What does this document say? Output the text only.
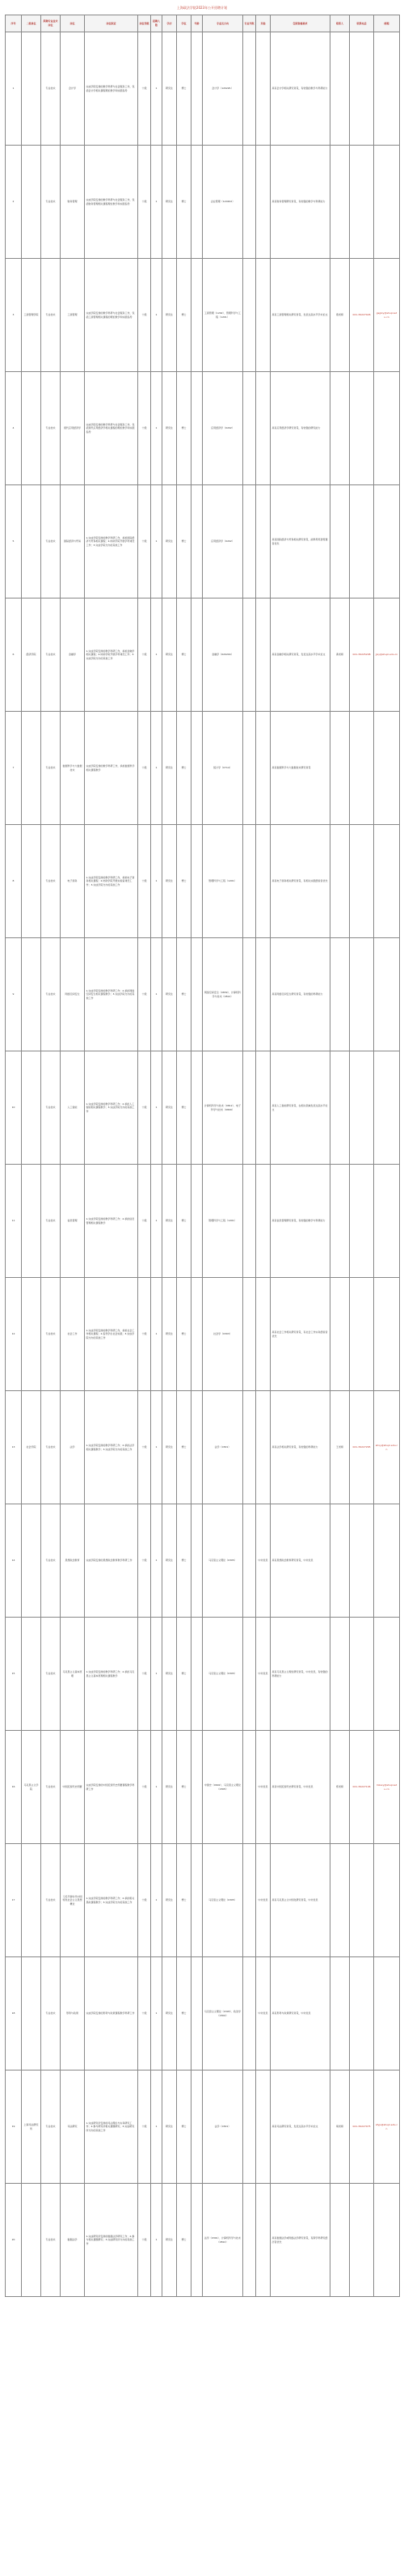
上海政法学院2023年公开招聘计划
序号	二级单位	拟聘专业技术岗位	岗位	岗位职责	岗位等级	招聘人数	学历	学位	年龄	专业及方向	专业年限	其他	任职资格要求	联系人	联系电话	邮箱
1		专业技术	会计学	完成学院安排的教学科研与社会服务工作，包括会计学相关课程理论教学和实践指导	十级	1	研究生	博士		会计学（1202Z1）			具有会计学相关研究背景，有较强的教学与科研能力			
2		专业技术	财务管理	完成学院安排的教学科研与社会服务工作，包括财务管理相关课程理论教学和实践指导	十级	1	研究生	博士		企业管理（120202）			具有财务管理研究背景，有较强的教学与科研能力			
3	工商管理学院	专业技术	工商管理	完成学院安排的教学科研与社会服务工作，包括工商管理相关课程的理论教学和实践指导	十级	1	研究生	博士		工商管理（1202）、管理科学与工程（1201）			具有工商管理相关研究背景，发表过高水平学术论文	葛老师	021-39227026	gsglxy@shupl.edu.cn
4		专业技术	现代应用经济学	完成学院安排的教学科研与社会服务工作，包括现代应用经济学相关课程的理论教学和实践指导	十级	1	研究生	博士		应用经济学（0202）			具有应用经济学研究背景，有较强的研究能力			
5		专业技术	国际经济与贸易	1.完成学院安排的教学科研工作，承担国际经济与贸易相关课程；2.协助学院开展学科建设工作；3.完成学院交办的其他工作	十级	1	研究生	博士		应用经济学（0202）			具有国际经济与贸易相关研究背景，能够用英语授课者优先			
6	经济学院	专业技术	金融学	1.完成学院安排的教学科研工作，承担金融学相关课程；2.协助学院开展学科建设工作；3.完成学院交办的其他工作	十级	1	研究生	博士		金融学（020204）			具有金融学相关研究背景，发表过高水平学术论文	黄老师	021-39225208	jjxy@shupl.edu.cn
7		专业技术	数据科学与大数据技术	完成学院安排的教学科研工作，承担数据科学相关课程教学	十级	1	研究生	博士		统计学（0714）			具有数据科学与大数据技术研究背景			
8		专业技术	电子商务	1.完成学院安排的教学科研工作，承担电子商务相关课程；2.协助学院开展实验室建设工作；3.完成学院交办的其他工作	十级	1	研究生	博士		管理科学与工程（1201）			具有电子商务相关研究背景，有相关实践经验者优先			
9		专业技术	网络空间安全	1.完成学院安排的教学科研工作；2.承担网络空间安全相关课程教学；3.完成学院交办的其他工作	十级	1	研究生	博士		网络空间安全（0839）、计算机科学与技术（0812）			具有网络空间安全研究背景，有较强的科研能力			
10		专业技术	人工智能	1.完成学院安排的教学科研工作；2.承担人工智能相关课程教学；3.完成学院交办的其他工作	十级	1	研究生	博士		计算机科学与技术（0812）、电子科学与技术（0809）			具有人工智能研究背景，在相关领域发表过高水平论文			
11		专业技术	信息管理	1.完成学院安排的教学科研工作；2.承担信息管理相关课程教学	十级	1	研究生	博士		管理科学与工程（1201）			具有信息管理研究背景，有较强的教学与科研能力			
12		专业技术	社会工作	1.完成学院安排的教学科研工作，承担社会工作相关课程；2.指导学生社会实践；3.完成学院交办的其他工作	十级	1	研究生	博士		社会学（0303）			具有社会工作相关研究背景，有社会工作实务经验者优先			
13	社会学院	专业技术	法学	1.完成学院安排的教学科研工作；2.承担法学相关课程教学；3.完成学院交办的其他工作	十级	1	研究生	博士		法学（0301）			具有法学相关研究背景，有较强的科研能力	王老师	021-39227265	shxy@shupl.edu.cn
14		专业技术	思想政治教育	完成学院安排的思想政治教育教学科研工作	十级	1	研究生	博士		马克思主义理论（0305）		中共党员	具有思想政治教育研究背景，中共党员			
15		专业技术	马克思主义基本原理	1.完成学院安排的教学科研工作；2.承担马克思主义基本原理相关课程教学	十级	1	研究生	博士		马克思主义理论（0305）		中共党员	具有马克思主义理论研究背景，中共党员，有较强的科研能力			
16	马克思主义学院	专业技术	中国近现代史纲要	完成学院安排的中国近现代史纲要课程教学科研工作	十级	1	研究生	博士		中国史（0602）、马克思主义理论（0305）		中共党员	具有中国近现代史研究背景，中共党员	郑老师	021-39227106	mksxy@shupl.edu.cn
17		专业技术	习近平新时代中国特色社会主义思想概论	1.完成学院安排的教学科研工作；2.承担相关思政课程教学；3.完成学院交办的其他工作	十级	1	研究生	博士		马克思主义理论（0305）		中共党员	具有马克思主义中国化研究背景，中共党员			
18		专业技术	形势与政策	完成学院安排的形势与政策课程教学科研工作	十级	1	研究生	博士		马克思主义理论（0305）、政治学（0302）		中共党员	具有形势与政策研究背景，中共党员			
19	上海司法研究所	专业技术	司法研究	1.完成研究所安排的司法理论与实务研究工作；2.参与研究所相关课题研究；3.完成研究所交办的其他工作	十级	1	研究生	博士		法学（0301）			具有司法研究背景，发表过高水平学术论文	胡老师	021-39227075	sfyjs@shupl.edu.cn
20		专业技术	数据法学	1.完成研究所安排的数据法学研究工作；2.参与相关课题研究；3.完成研究所交办的其他工作	十级	1	研究生	博士		法学（0301）、计算机科学与技术（0812）			具有数据法学或网络法学研究背景，有跨学科研究经历者优先			
